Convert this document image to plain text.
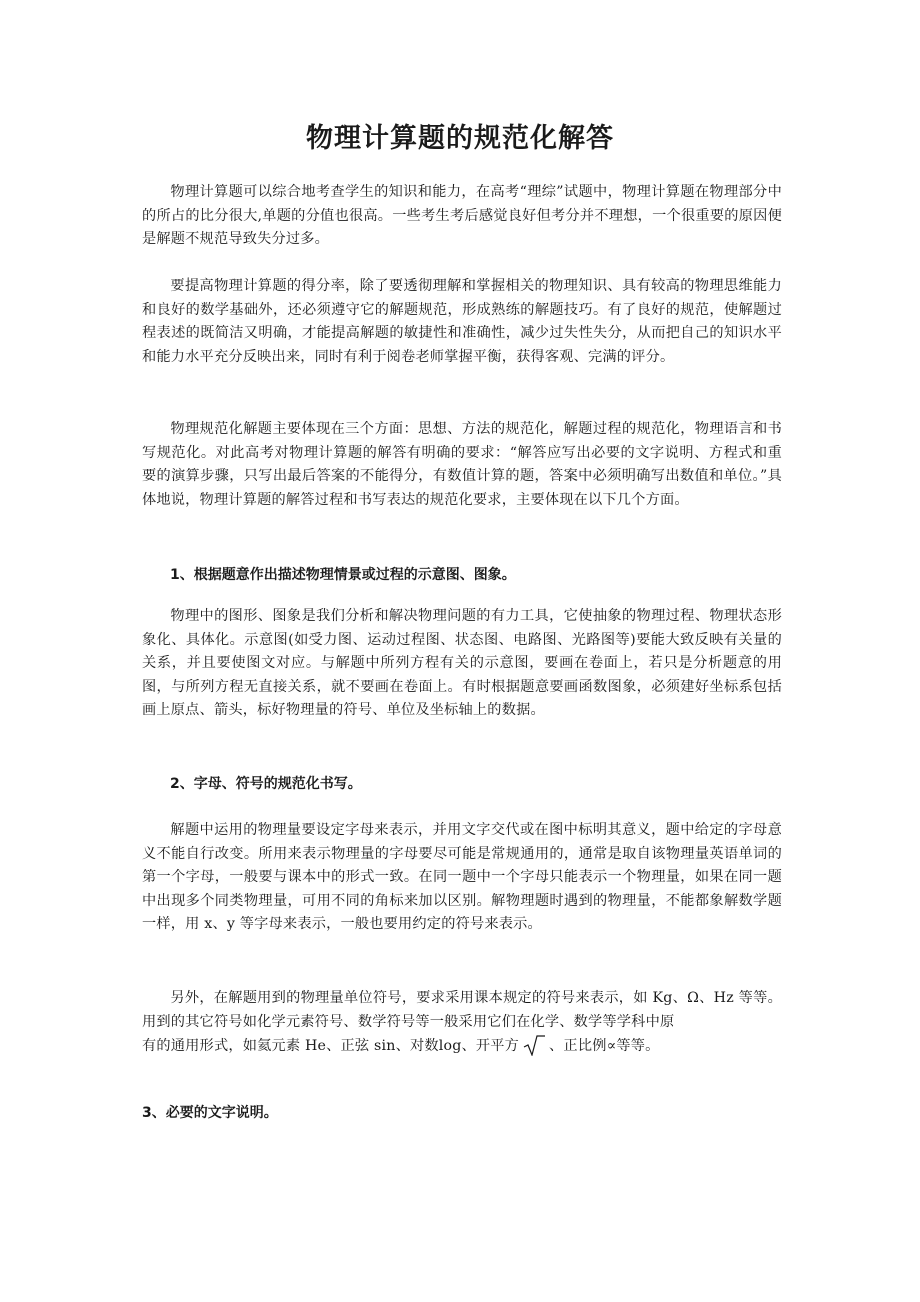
物理计算题的规范化解答

物理计算题可以综合地考查学生的知识和能力，在高考“理综”试题中，物理计算题在物理部分中的所占的比分很大,单题的分值也很高。一些考生考后感觉良好但考分并不理想，一个很重要的原因便是解题不规范导致失分过多。

要提高物理计算题的得分率，除了要透彻理解和掌握相关的物理知识、具有较高的物理思维能力和良好的数学基础外，还必须遵守它的解题规范，形成熟练的解题技巧。有了良好的规范，使解题过程表述的既简洁又明确，才能提高解题的敏捷性和准确性，减少过失性失分，从而把自己的知识水平和能力水平充分反映出来，同时有利于阅卷老师掌握平衡，获得客观、完满的评分。

物理规范化解题主要体现在三个方面：思想、方法的规范化，解题过程的规范化，物理语言和书写规范化。对此高考对物理计算题的解答有明确的要求：“解答应写出必要的文字说明、方程式和重要的演算步骤，只写出最后答案的不能得分，有数值计算的题，答案中必须明确写出数值和单位。”具体地说，物理计算题的解答过程和书写表达的规范化要求，主要体现在以下几个方面。

1、根据题意作出描述物理情景或过程的示意图、图象。

物理中的图形、图象是我们分析和解决物理问题的有力工具，它使抽象的物理过程、物理状态形象化、具体化。示意图(如受力图、运动过程图、状态图、电路图、光路图等)要能大致反映有关量的关系，并且要使图文对应。与解题中所列方程有关的示意图，要画在卷面上，若只是分析题意的用图，与所列方程无直接关系，就不要画在卷面上。有时根据题意要画函数图象，必须建好坐标系包括画上原点、箭头，标好物理量的符号、单位及坐标轴上的数据。

2、字母、符号的规范化书写。

解题中运用的物理量要设定字母来表示，并用文字交代或在图中标明其意义，题中给定的字母意义不能自行改变。所用来表示物理量的字母要尽可能是常规通用的，通常是取自该物理量英语单词的第一个字母，一般要与课本中的形式一致。在同一题中一个字母只能表示一个物理量，如果在同一题中出现多个同类物理量，可用不同的角标来加以区别。解物理题时遇到的物理量，不能都象解数学题一样，用 x、y 等字母来表示，一般也要用约定的符号来表示。

另外，在解题用到的物理量单位符号，要求采用课本规定的符号来表示，如 Kg、Ω、Hz 等等。用到的其它符号如化学元素符号、数学符号等一般采用它们在化学、数学等学科中原

有的通用形式，如氦元素 He、正弦 sin、对数log、开平方 、正比例∝等等。

3、必要的文字说明。
